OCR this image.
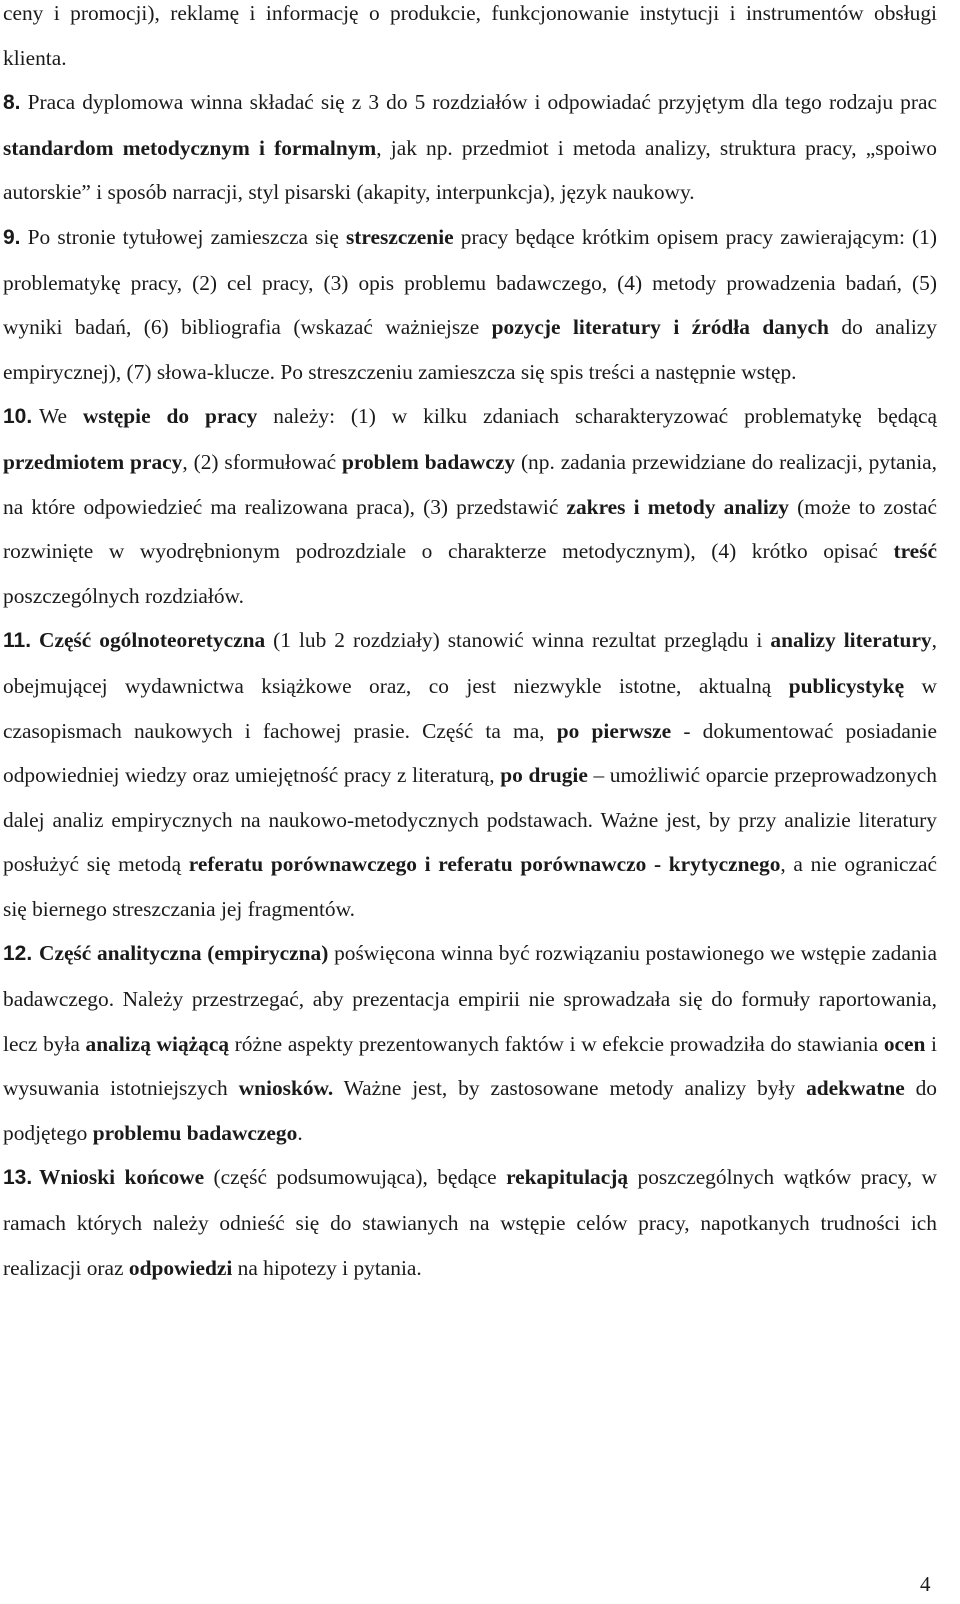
ceny i promocji), reklamę i informację o produkcie, funkcjonowanie instytucji i instrumentów obsługi klienta.

8. Praca dyplomowa winna składać się z 3 do 5 rozdziałów i odpowiadać przyjętym dla tego rodzaju prac standardom metodycznym i formalnym, jak np. przedmiot i metoda analizy, struktura pracy, „spoiwo autorskie” i sposób narracji, styl pisarski (akapity, interpunkcja), język naukowy.

9. Po stronie tytułowej zamieszcza się streszczenie pracy będące krótkim opisem pracy zawierającym: (1) problematykę pracy, (2) cel pracy, (3) opis problemu badawczego, (4) metody prowadzenia badań, (5) wyniki badań, (6) bibliografia (wskazać ważniejsze pozycje literatury i źródła danych do analizy empirycznej), (7) słowa-klucze. Po streszczeniu zamieszcza się spis treści a następnie wstęp.

10. We wstępie do pracy należy: (1) w kilku zdaniach scharakteryzować problematykę będącą przedmiotem pracy, (2) sformułować problem badawczy (np. zadania przewidziane do realizacji, pytania, na które odpowiedzieć ma realizowana praca), (3) przedstawić zakres i metody analizy (może to zostać rozwinięte w wyodrębnionym podrozdziale o charakterze metodycznym), (4) krótko opisać treść poszczególnych rozdziałów.

11. Część ogólnoteoretyczna (1 lub 2 rozdziały) stanowić winna rezultat przeglądu i analizy literatury, obejmującej wydawnictwa książkowe oraz, co jest niezwykle istotne, aktualną publicystykę w czasopismach naukowych i fachowej prasie. Część ta ma, po pierwsze - dokumentować posiadanie odpowiedniej wiedzy oraz umiejętność pracy z literaturą, po drugie – umożliwić oparcie przeprowadzonych dalej analiz empirycznych na naukowo-metodycznych podstawach. Ważne jest, by przy analizie literatury posłużyć się metodą referatu porównawczego i referatu porównawczo - krytycznego, a nie ograniczać się biernego streszczania jej fragmentów.

12. Część analityczna (empiryczna) poświęcona winna być rozwiązaniu postawionego we wstępie zadania badawczego. Należy przestrzegać, aby prezentacja empirii nie sprowadzała się do formuły raportowania, lecz była analizą wiążącą różne aspekty prezentowanych faktów i w efekcie prowadziła do stawiania ocen i wysuwania istotniejszych wniosków. Ważne jest, by zastosowane metody analizy były adekwatne do podjętego problemu badawczego.

13. Wnioski końcowe (część podsumowująca), będące rekapitulacją poszczególnych wątków pracy, w ramach których należy odnieść się do stawianych na wstępie celów pracy, napotkanych trudności ich realizacji oraz odpowiedzi na hipotezy i pytania.

4
